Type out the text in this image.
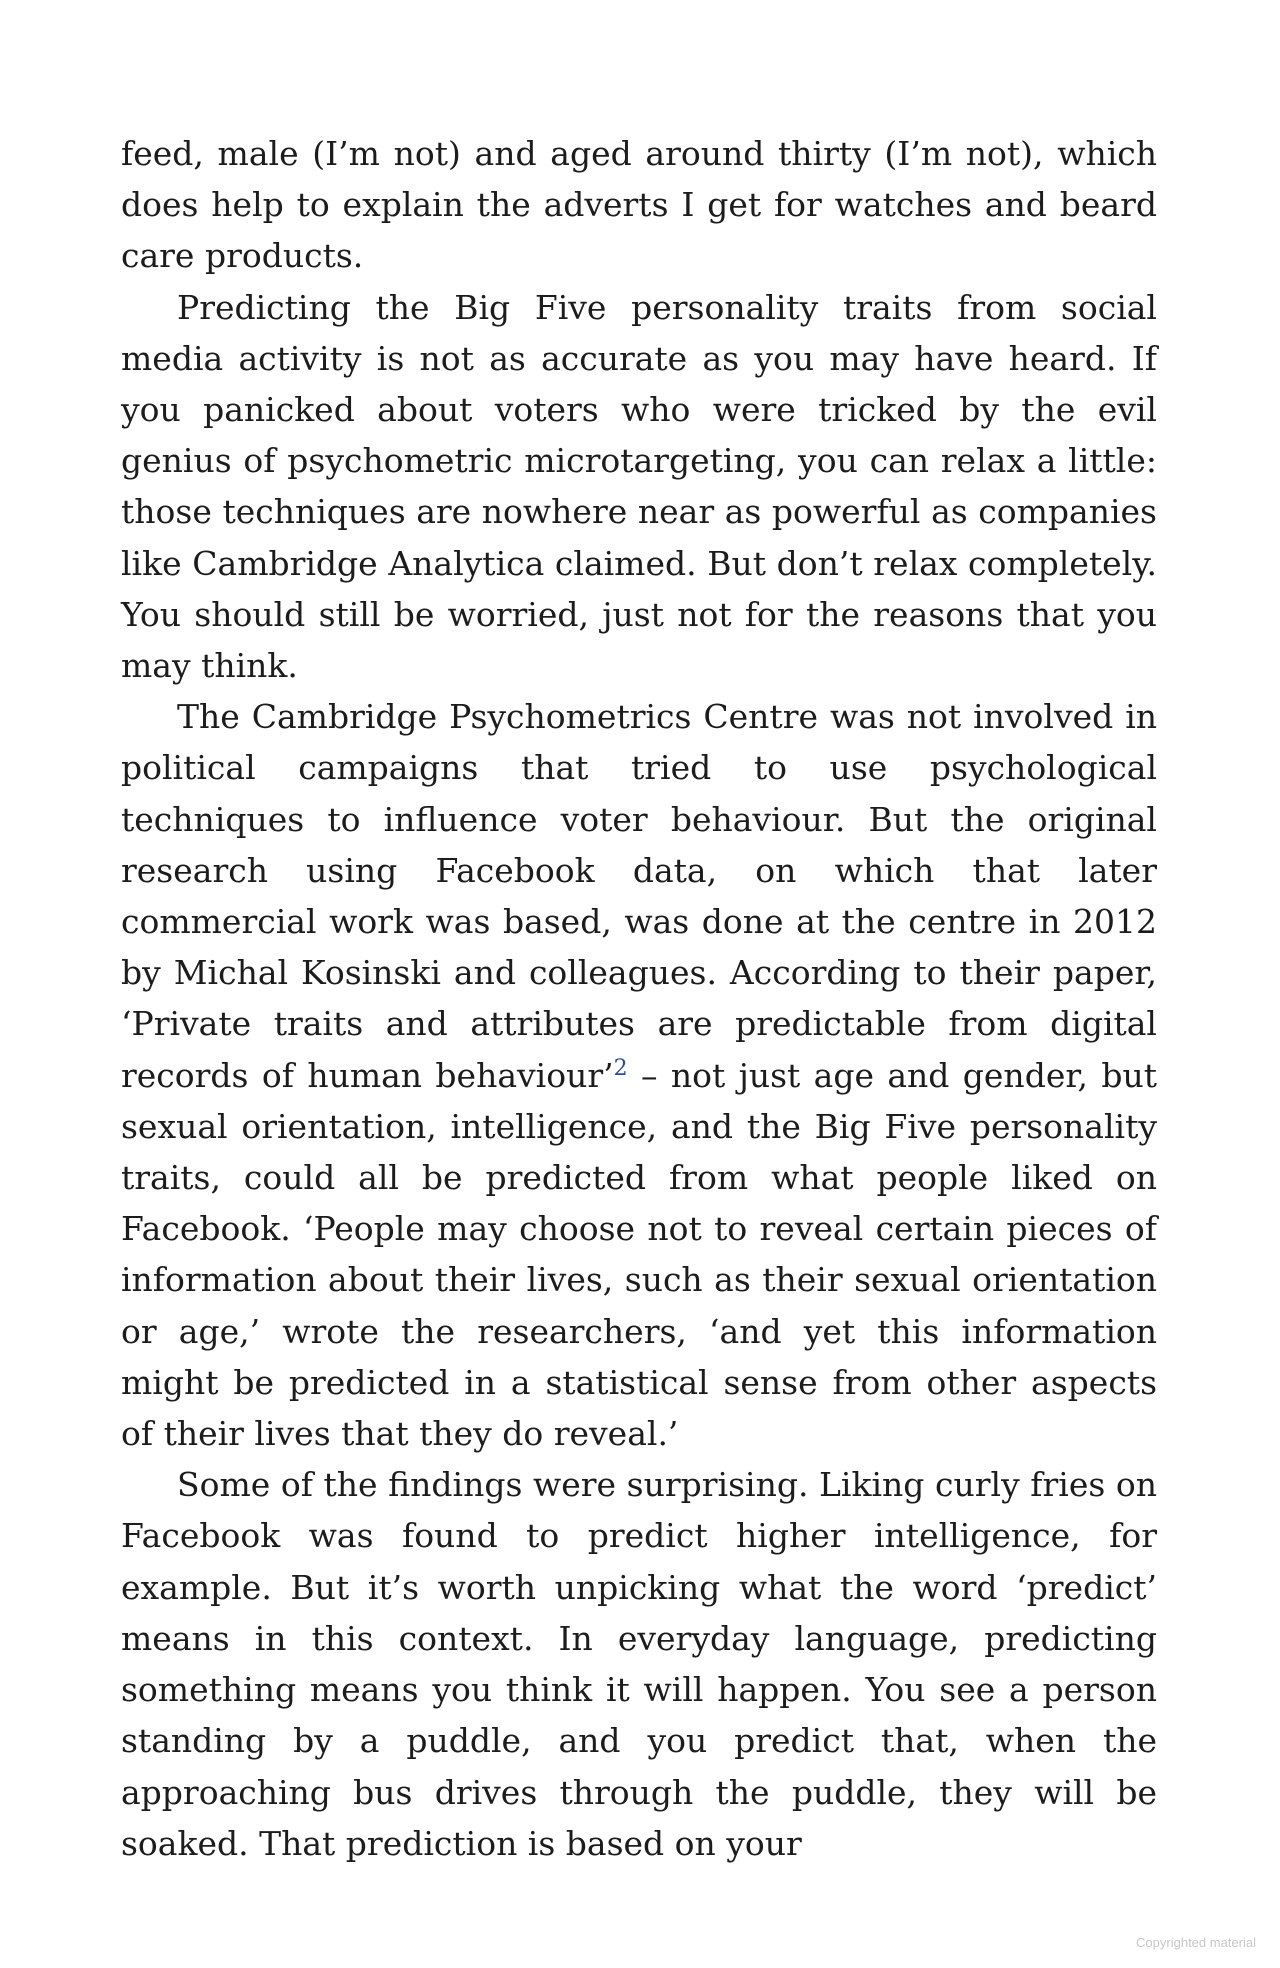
feed, male (I’m not) and aged around thirty (I’m not), which does help to explain the adverts I get for watches and beard care products.

Predicting the Big Five personality traits from social media activity is not as accurate as you may have heard. If you panicked about voters who were tricked by the evil genius of psychometric microtargeting, you can relax a little: those techniques are nowhere near as powerful as companies like Cambridge Analytica claimed. But don’t relax completely. You should still be worried, just not for the reasons that you may think.

The Cambridge Psychometrics Centre was not involved in political campaigns that tried to use psychological techniques to influence voter behaviour. But the original research using Facebook data, on which that later commercial work was based, was done at the centre in 2012 by Michal Kosinski and colleagues. According to their paper, ‘Private traits and attributes are predictable from digital records of human behaviour’$^2$ – not just age and gender, but sexual orientation, intelligence, and the Big Five personality traits, could all be predicted from what people liked on Facebook. ‘People may choose not to reveal certain pieces of information about their lives, such as their sexual orientation or age,’ wrote the researchers, ‘and yet this information might be predicted in a statistical sense from other aspects of their lives that they do reveal.’

Some of the findings were surprising. Liking curly fries on Facebook was found to predict higher intelligence, for example. But it’s worth unpicking what the word ‘predict’ means in this context. In everyday language, predicting something means you think it will happen. You see a person standing by a puddle, and you predict that, when the approaching bus drives through the puddle, they will be soaked. That prediction is based on your

Copyrighted material
